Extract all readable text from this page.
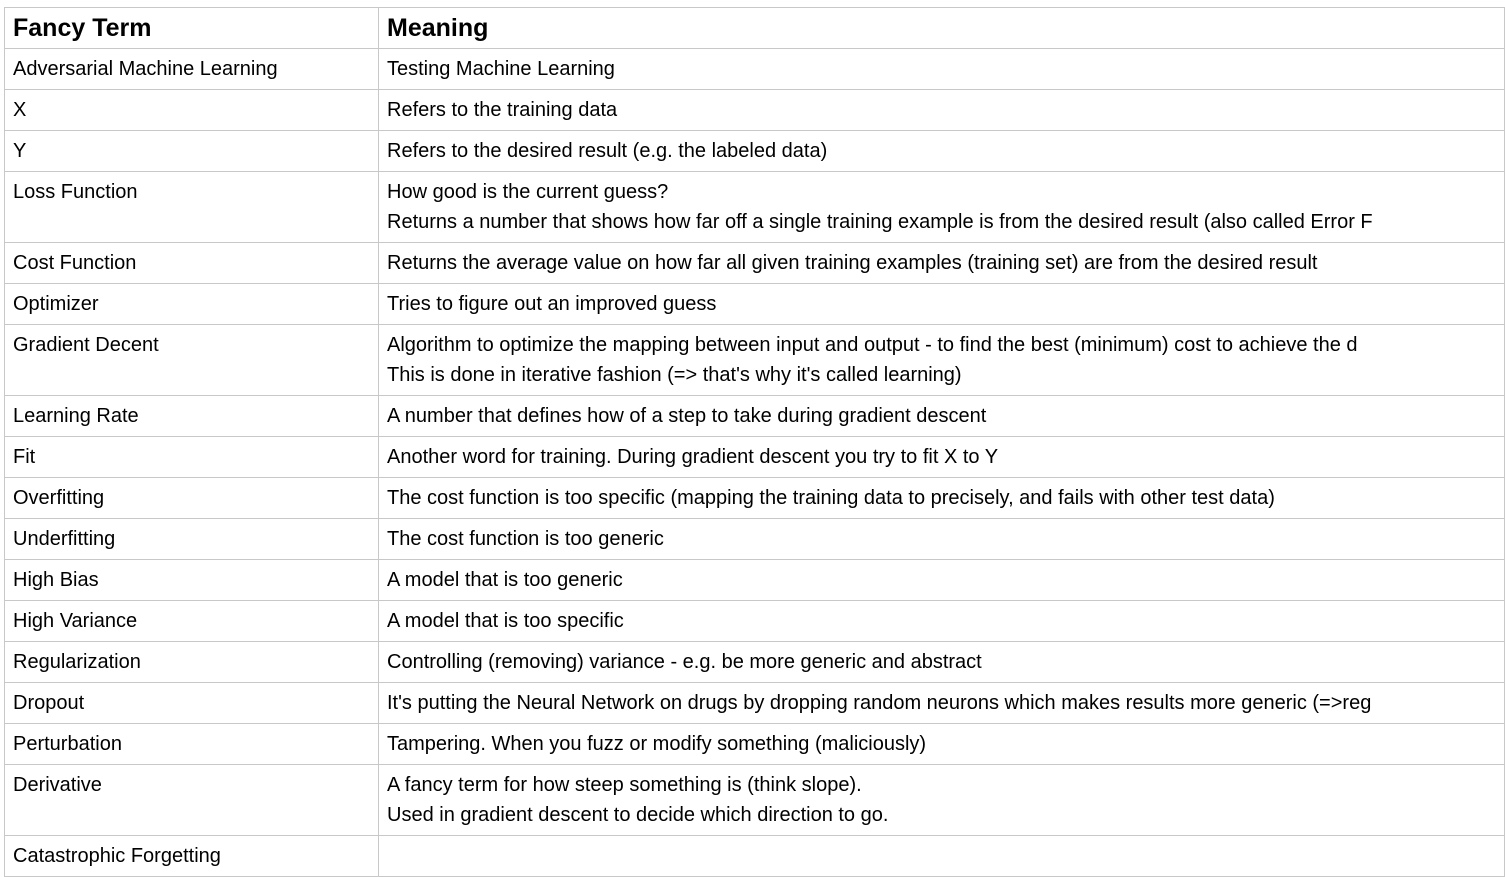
Fancy Term	Meaning

Adversarial Machine Learning	Testing Machine Learning

X	Refers to the training data

Y	Refers to the desired result (e.g. the labeled data)

Loss Function	How good is the current guess?
Returns a number that shows how far off a single training example is from the desired result (also called Error F

Cost Function	Returns the average value on how far all given training examples (training set) are from the desired result

Optimizer	Tries to figure out an improved guess

Gradient Decent	Algorithm to optimize the mapping between input and output - to find the best (minimum) cost to achieve the d
This is done in iterative fashion (=> that's why it's called learning)

Learning Rate	A number that defines how of a step to take during gradient descent

Fit	Another word for training. During gradient descent you try to fit X to Y

Overfitting	The cost function is too specific (mapping the training data to precisely, and fails with other test data)

Underfitting	The cost function is too generic

High Bias	A model that is too generic

High Variance	A model that is too specific

Regularization	Controlling (removing) variance - e.g. be more generic and abstract

Dropout	It's putting the Neural Network on drugs by dropping random neurons which makes results more generic (=>reg

Perturbation	Tampering. When you fuzz or modify something (maliciously)

Derivative	A fancy term for how steep something is (think slope).
Used in gradient descent to decide which direction to go.

Catastrophic Forgetting	
